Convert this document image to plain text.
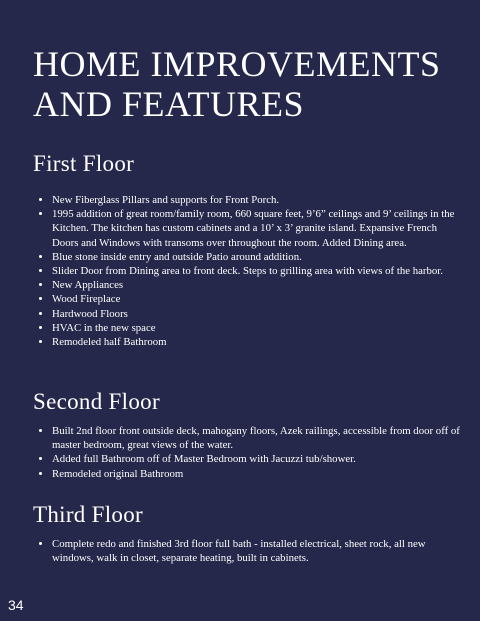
HOME IMPROVEMENTS
AND FEATURES
First Floor
• New Fiberglass Pillars and supports for Front Porch.
• 1995 addition of great room/family room, 660 square feet, 9’6” ceilings and 9’ ceilings in the Kitchen. The kitchen has custom cabinets and a 10’ x 3’ granite island. Expansive French Doors and Windows with transoms over throughout the room. Added Dining area.
• Blue stone inside entry and outside Patio around addition.
• Slider Door from Dining area to front deck. Steps to grilling area with views of the harbor.
• New Appliances
• Wood Fireplace
• Hardwood Floors
• HVAC in the new space
• Remodeled half Bathroom
Second Floor
• Built 2nd floor front outside deck, mahogany floors, Azek railings, accessible from door off of master bedroom, great views of the water.
• Added full Bathroom off of Master Bedroom with Jacuzzi tub/shower.
• Remodeled original Bathroom
Third Floor
• Complete redo and finished 3rd floor full bath - installed electrical, sheet rock, all new windows, walk in closet, separate heating, built in cabinets.
34
